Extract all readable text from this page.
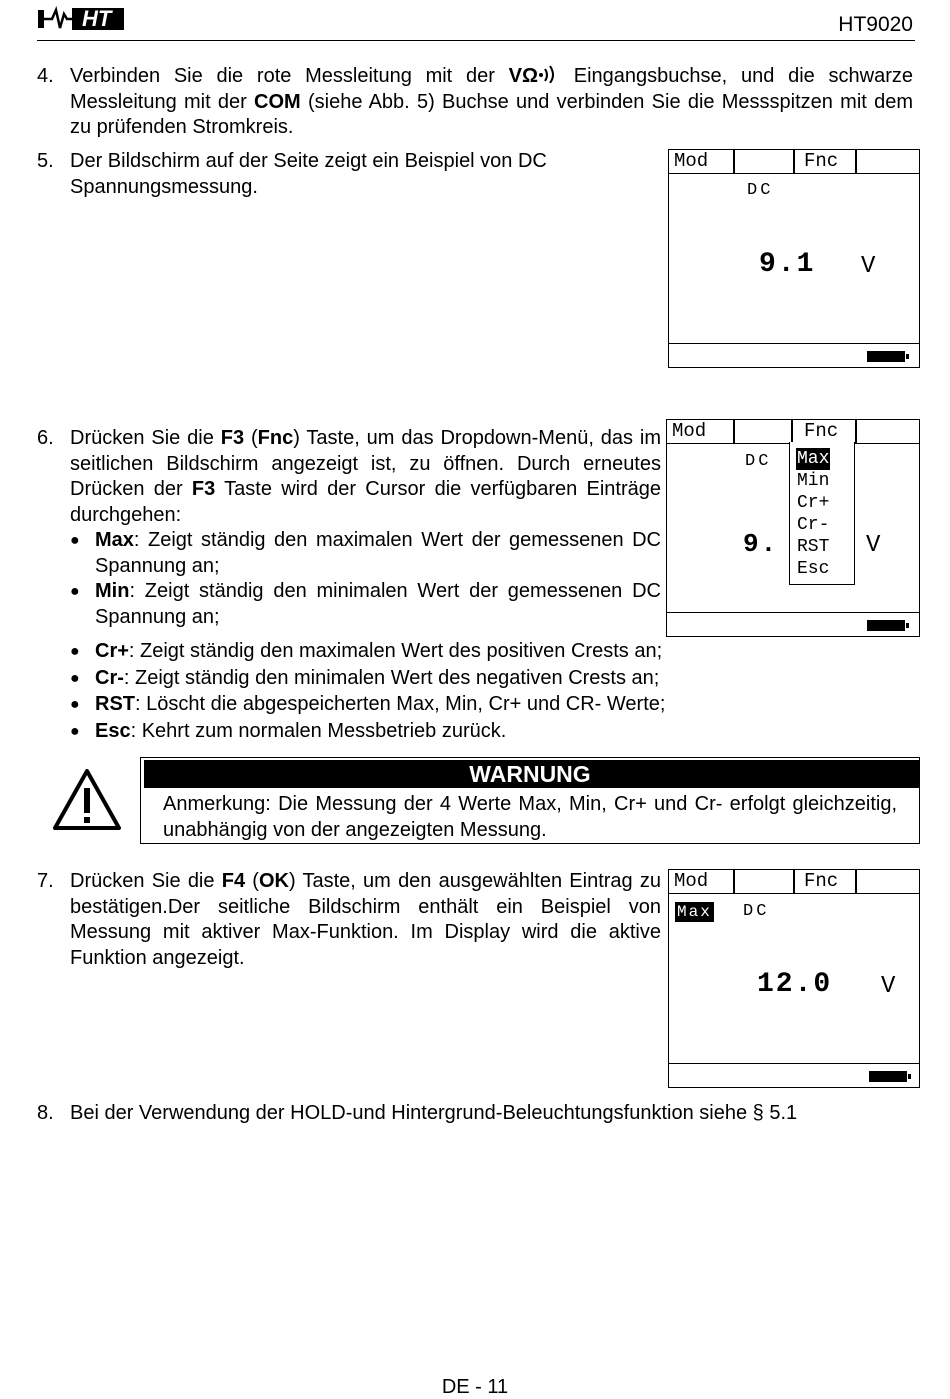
HT	HT9020
4. Verbinden Sie die rote Messleitung mit der VΩ Eingangsbuchse, und die schwarze Messleitung mit der COM (siehe Abb. 5) Buchse und verbinden Sie die Messspitzen mit dem zu prüfenden Stromkreis.
5. Der Bildschirm auf der Seite zeigt ein Beispiel von DC Spannungsmessung.
Mod	Fnc
DC
9.1 V
6. Drücken Sie die F3 (Fnc) Taste, um das Dropdown-Menü, das im seitlichen Bildschirm angezeigt ist, zu öffnen. Durch erneutes Drücken der F3 Taste wird der Cursor die verfügbaren Einträge durchgehen:
● Max: Zeigt ständig den maximalen Wert der gemessenen DC Spannung an;
● Min: Zeigt ständig den minimalen Wert der gemessenen DC Spannung an;
● Cr+: Zeigt ständig den maximalen Wert des positiven Crests an;
● Cr-: Zeigt ständig den minimalen Wert des negativen Crests an;
● RST: Löscht die abgespeicherten Max, Min, Cr+ und CR- Werte;
● Esc: Kehrt zum normalen Messbetrieb zurück.
Mod	Fnc
DC
9.	V
Max
Min
Cr+
Cr-
RST
Esc
WARNUNG
Anmerkung: Die Messung der 4 Werte Max, Min, Cr+ und Cr- erfolgt gleichzeitig, unabhängig von der angezeigten Messung.
7. Drücken Sie die F4 (OK) Taste, um den ausgewählten Eintrag zu bestätigen.Der seitliche Bildschirm enthält ein Beispiel von Messung mit aktiver Max-Funktion. Im Display wird die aktive Funktion angezeigt.
Mod	Fnc
Max DC
12.0 V
8. Bei der Verwendung der HOLD-und Hintergrund-Beleuchtungsfunktion siehe § 5.1
DE - 11
